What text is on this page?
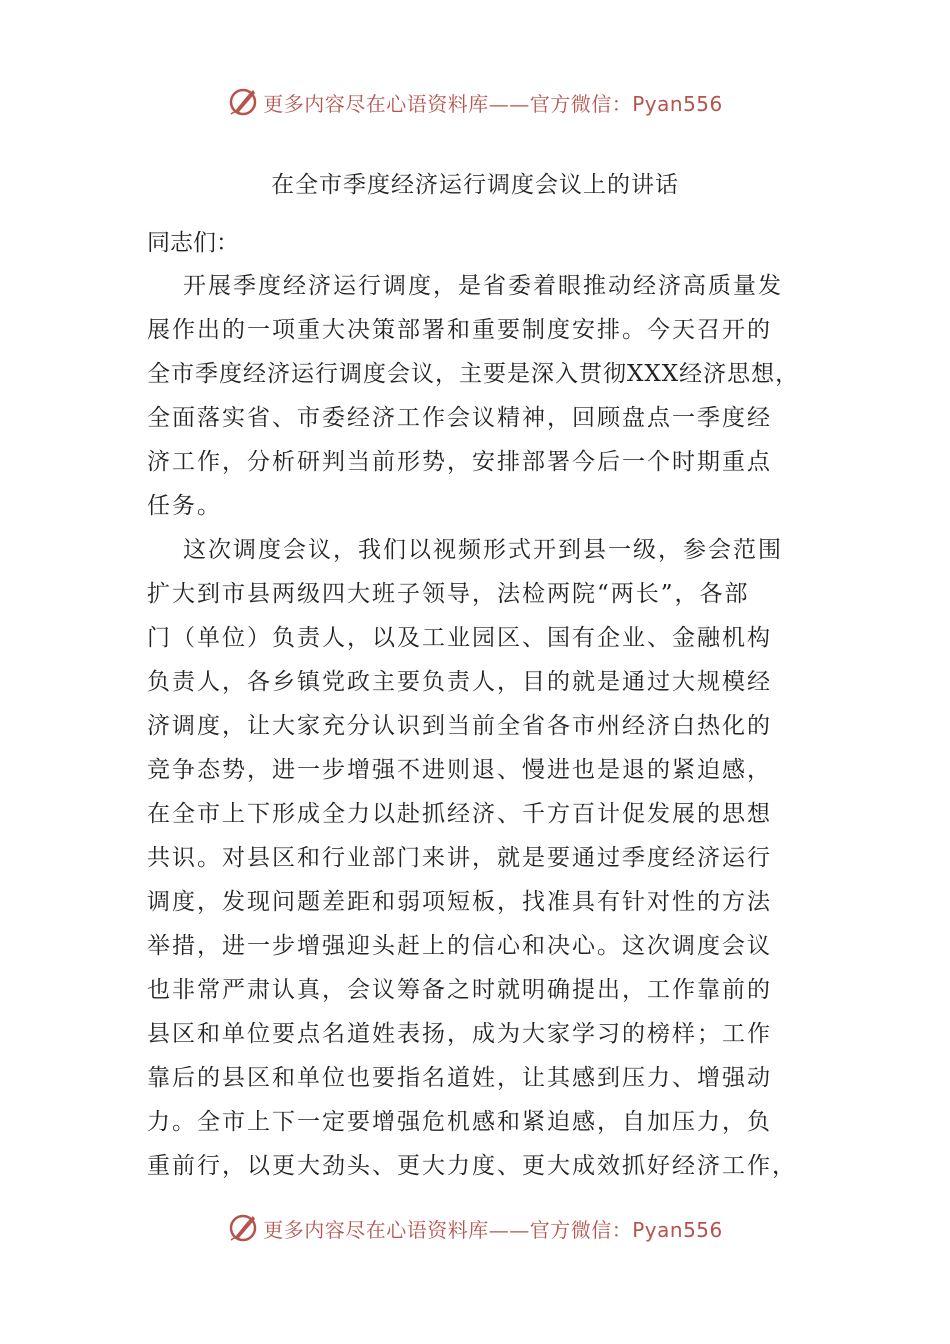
更多内容尽在心语资料库——官方微信：Pyan556
在全市季度经济运行调度会议上的讲话
同志们：
开展季度经济运行调度，是省委着眼推动经济高质量发
展作出的一项重大决策部署和重要制度安排。今天召开的
全市季度经济运行调度会议，主要是深入贯彻XXX经济思想，
全面落实省、市委经济工作会议精神，回顾盘点一季度经
济工作，分析研判当前形势，安排部署今后一个时期重点
任务。
这次调度会议，我们以视频形式开到县一级，参会范围
扩大到市县两级四大班子领导，法检两院“两长”，各部
门（单位）负责人，以及工业园区、国有企业、金融机构
负责人，各乡镇党政主要负责人，目的就是通过大规模经
济调度，让大家充分认识到当前全省各市州经济白热化的
竞争态势，进一步增强不进则退、慢进也是退的紧迫感，
在全市上下形成全力以赴抓经济、千方百计促发展的思想
共识。对县区和行业部门来讲，就是要通过季度经济运行
调度，发现问题差距和弱项短板，找准具有针对性的方法
举措，进一步增强迎头赶上的信心和决心。这次调度会议
也非常严肃认真，会议筹备之时就明确提出，工作靠前的
县区和单位要点名道姓表扬，成为大家学习的榜样；工作
靠后的县区和单位也要指名道姓，让其感到压力、增强动
力。全市上下一定要增强危机感和紧迫感，自加压力，负
重前行，以更大劲头、更大力度、更大成效抓好经济工作，
更多内容尽在心语资料库——官方微信：Pyan556
